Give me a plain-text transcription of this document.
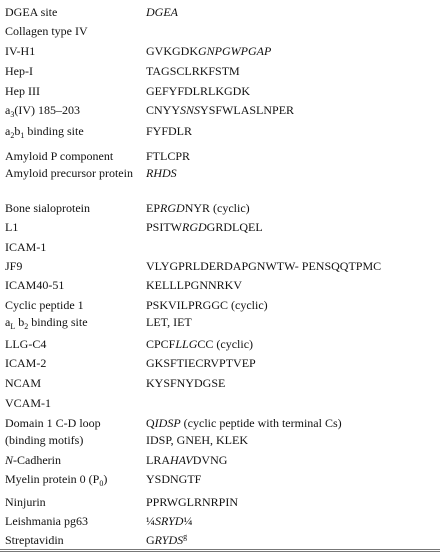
DGEA site	DGEA
Collagen type IV
IV-H1	GVKGDKGNPGWPGAP
Hep-I	TAGSCLRKFSTM
Hep III	GEFYFDLRLKGDK
$a_3(IV)$ 185–203	CNYYSNSYSFWLASLNPER
$a_2b_1$ binding site	FYFDLR
Amyloid P component	FTLCPR
Amyloid precursor protein	RHDS
Bone sialoprotein	EPRGDNYR (cyclic)
L1	PSITWRGDGRDLQEL
ICAM-1
JF9	VLYGPRLDERDAPGNWTW- PENSQQTPMC
ICAM40-51	KELLLPGNNRKV
Cyclic peptide 1	PSKVILPRGGC (cyclic)
$a_L$ $b_2$ binding site	LET, IET
LLG-C4	CPCFLLGCC (cyclic)
ICAM-2	GKSFTIECRVPTVEP
NCAM	KYSFNYDGSE
VCAM-1
Domain 1 C-D loop	QIDSP (cyclic peptide with terminal Cs)
(binding motifs)	IDSP, GNEH, KLEK
N-Cadherin	LRAHAVDVNG
Myelin protein 0 $(P_0)$	YSDNGTF
Ninjurin	PPRWGLRNRPIN
Leishmania pg63	¼SRYD¼
Streptavidin	GRYDS$^g$
